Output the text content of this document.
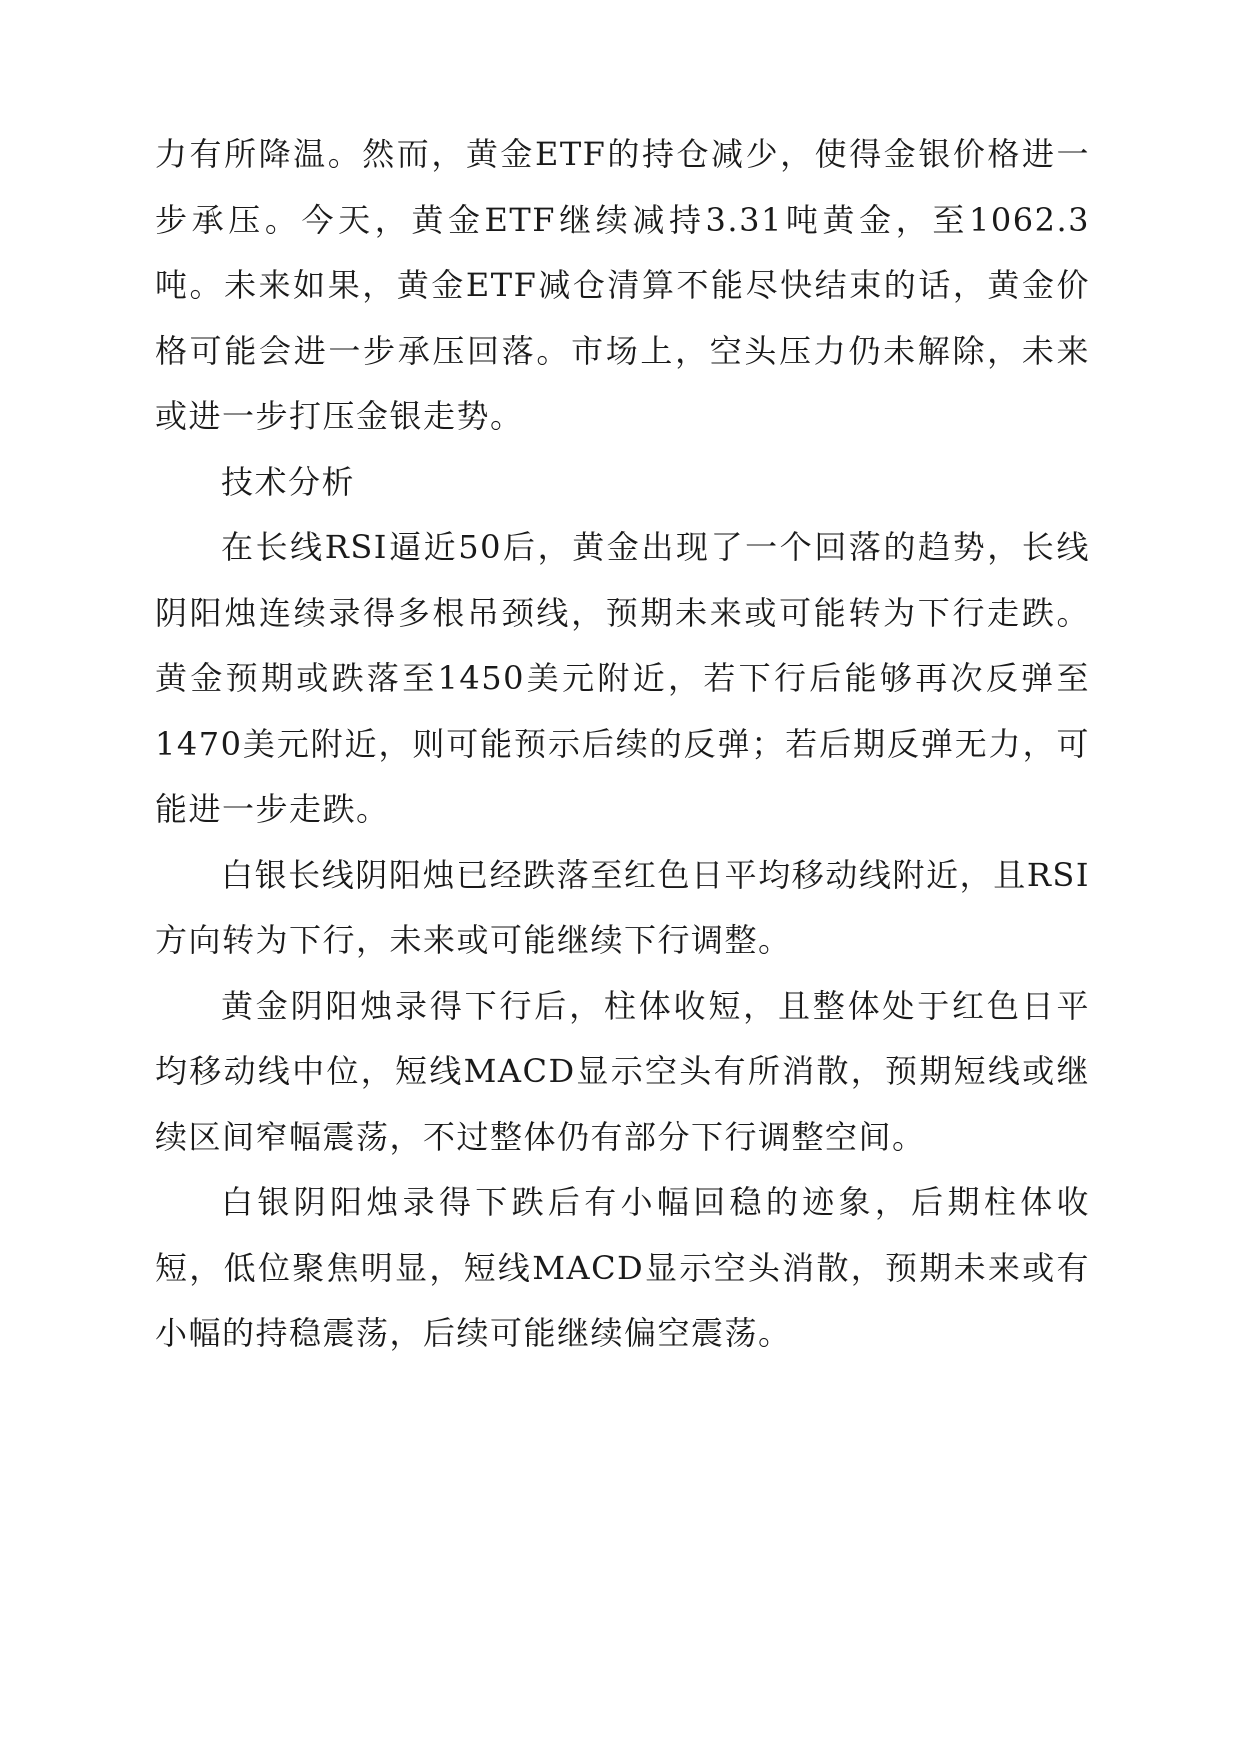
力有所降温。然而，黄金ETF的持仓减少，使得金银价格进一步承压。今天，黄金ETF继续减持3.31吨黄金，至1062.3吨。未来如果，黄金ETF减仓清算不能尽快结束的话，黄金价格可能会进一步承压回落。市场上，空头压力仍未解除，未来或进一步打压金银走势。

技术分析

在长线RSI逼近50后，黄金出现了一个回落的趋势，长线阴阳烛连续录得多根吊颈线，预期未来或可能转为下行走跌。黄金预期或跌落至1450美元附近，若下行后能够再次反弹至1470美元附近，则可能预示后续的反弹；若后期反弹无力，可能进一步走跌。

白银长线阴阳烛已经跌落至红色日平均移动线附近，且RSI方向转为下行，未来或可能继续下行调整。

黄金阴阳烛录得下行后，柱体收短，且整体处于红色日平均移动线中位，短线MACD显示空头有所消散，预期短线或继续区间窄幅震荡，不过整体仍有部分下行调整空间。

白银阴阳烛录得下跌后有小幅回稳的迹象，后期柱体收短，低位聚焦明显，短线MACD显示空头消散，预期未来或有小幅的持稳震荡，后续可能继续偏空震荡。
